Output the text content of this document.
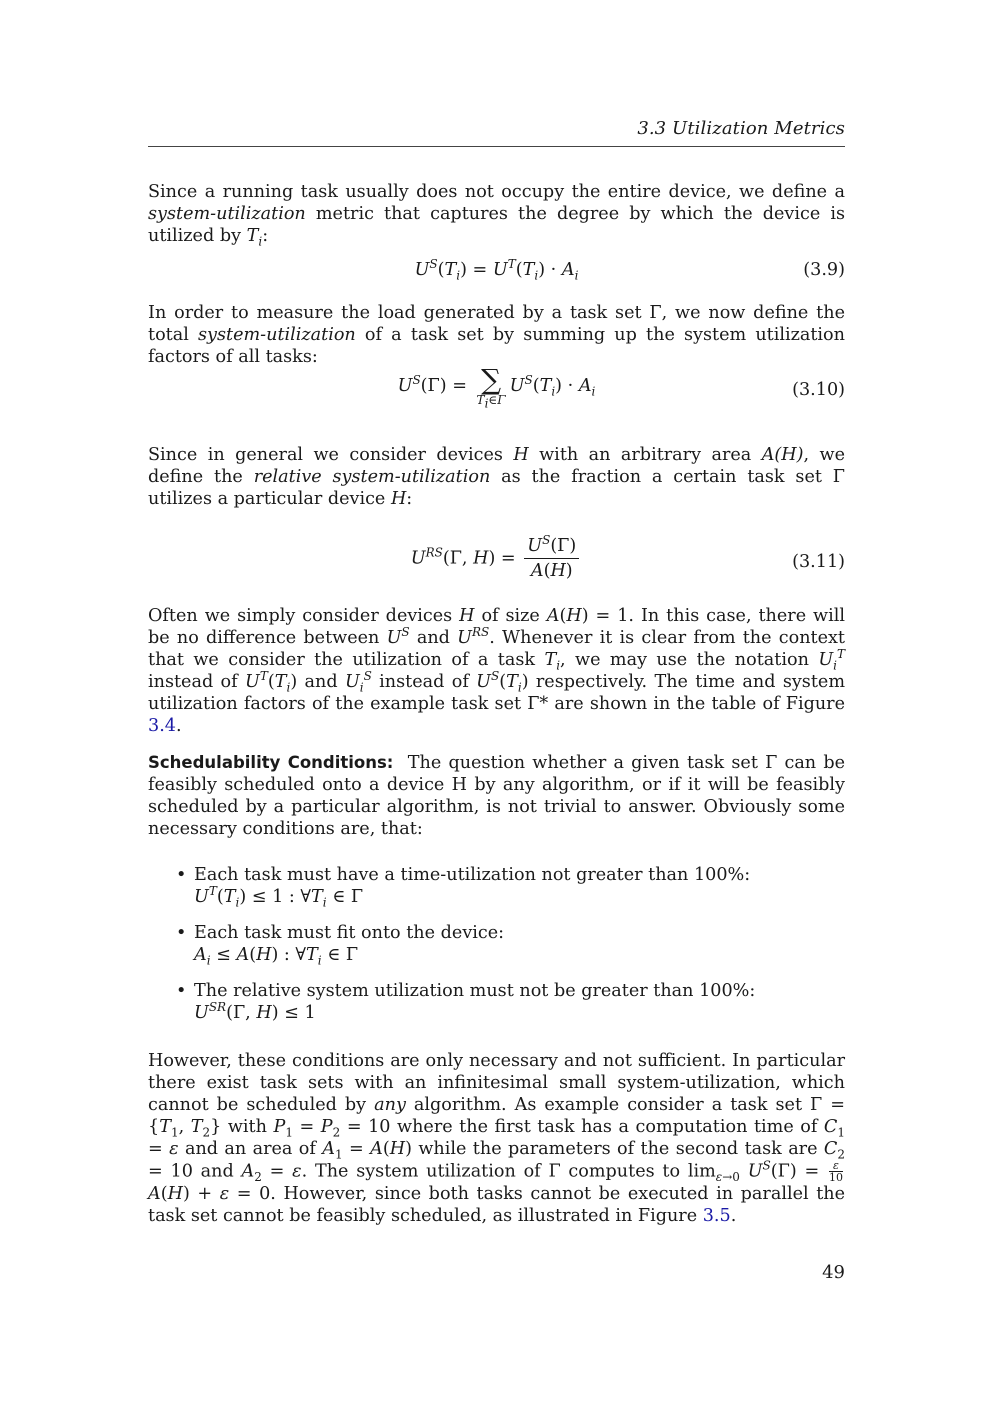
3.3 Utilization Metrics

Since a running task usually does not occupy the entire device, we define a system-utilization metric that captures the degree by which the device is utilized by $T_i$:

$U^S(T_i) = U^T(T_i) \cdot A_i$	(3.9)

In order to measure the load generated by a task set Γ, we now define the total system-utilization of a task set by summing up the system utilization factors of all tasks:

$U^S(\Gamma)$ = ∑
$T_i\in\Gamma$
$U^S(T_i) \cdot A_i$	(3.10)

Since in general we consider devices H with an arbitrary area A(H), we define the relative system-utilization as the fraction a certain task set Γ utilizes a particular device H:

$U^{RS}(\Gamma$, $H) = \frac{U^S(\Gamma)}{A(H)}$	(3.11)

Often we simply consider devices H of size A(H) = 1. In this case, there will be no difference between $U^S$ and $U^{RS}$. Whenever it is clear from the context that we consider the utilization of a task $T_i$, we may use the notation $U_i^T$ instead of $U^T(T_i)$ and $U_i^S$ instead of $U^S(T_i)$ respectively. The time and system utilization factors of the example task set Γ* are shown in the table of Figure 3.4.

Schedulability Conditions: The question whether a given task set Γ can be feasibly scheduled onto a device H by any algorithm, or if it will be feasibly scheduled by a particular algorithm, is not trivial to answer. Obviously some necessary conditions are, that:

• Each task must have a time-utilization not greater than 100%:
$U^T(T_i) \le 1$ : $\forall T_i$ ∈ Γ
• Each task must fit onto the device:
$A_i \le A(H)$ : $\forall T_i$ ∈ Γ
• The relative system utilization must not be greater than 100%:
$U^{SR}(\Gamma$, H) ≤ 1

However, these conditions are only necessary and not sufficient. In particular there exist task sets with an infinitesimal small system-utilization, which cannot be scheduled by any algorithm. As example consider a task set $\Gamma = \{T_1$, $T_2$} with $P_1 = P_2 = 10$ where the first task has a computation time of $C_1 = \varepsilon$ and an area of $A_1 = A(H)$ while the parameters of the second task are $C_2 = 10$ and $A_2 = \varepsilon$. The system utilization of Γ computes to $\lim_{\varepsilon\to 0} U^S(\Gamma) = \frac{\varepsilon}{10}A(H) + \varepsilon = 0$. However, since both tasks cannot be executed in parallel the task set cannot be feasibly scheduled, as illustrated in Figure 3.5.

49
